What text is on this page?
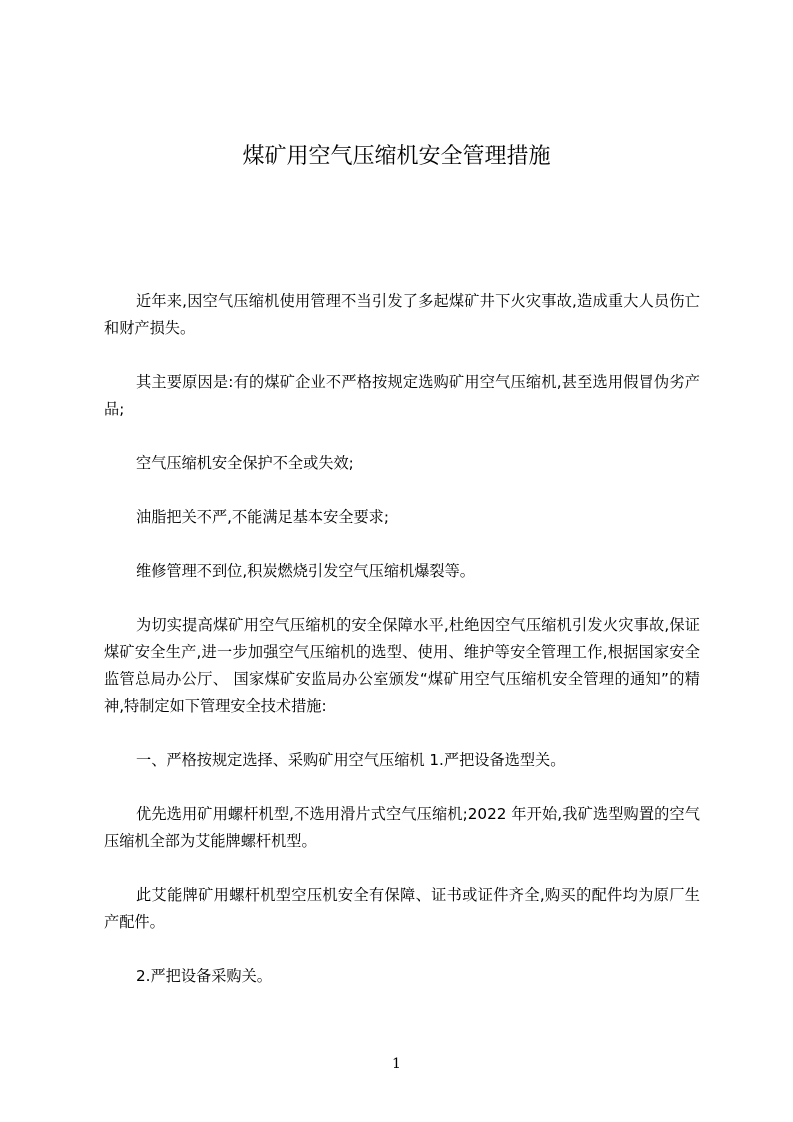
煤矿用空气压缩机安全管理措施

近年来,因空气压缩机使用管理不当引发了多起煤矿井下火灾事故,造成重大人员伤亡和财产损失。

其主要原因是:有的煤矿企业不严格按规定选购矿用空气压缩机,甚至选用假冒伪劣产品;

空气压缩机安全保护不全或失效;

油脂把关不严,不能满足基本安全要求;

维修管理不到位,积炭燃烧引发空气压缩机爆裂等。

为切实提高煤矿用空气压缩机的安全保障水平,杜绝因空气压缩机引发火灾事故,保证煤矿安全生产,进一步加强空气压缩机的选型、使用、维护等安全管理工作,根据国家安全监管总局办公厅、 国家煤矿安监局办公室颁发“煤矿用空气压缩机安全管理的通知”的精神,特制定如下管理安全技术措施:

一、严格按规定选择、采购矿用空气压缩机 1.严把设备选型关。

优先选用矿用螺杆机型,不选用滑片式空气压缩机;2022 年开始,我矿选型购置的空气压缩机全部为艾能牌螺杆机型。

此艾能牌矿用螺杆机型空压机安全有保障、证书或证件齐全,购买的配件均为原厂生产配件。

2.严把设备采购关。

1
